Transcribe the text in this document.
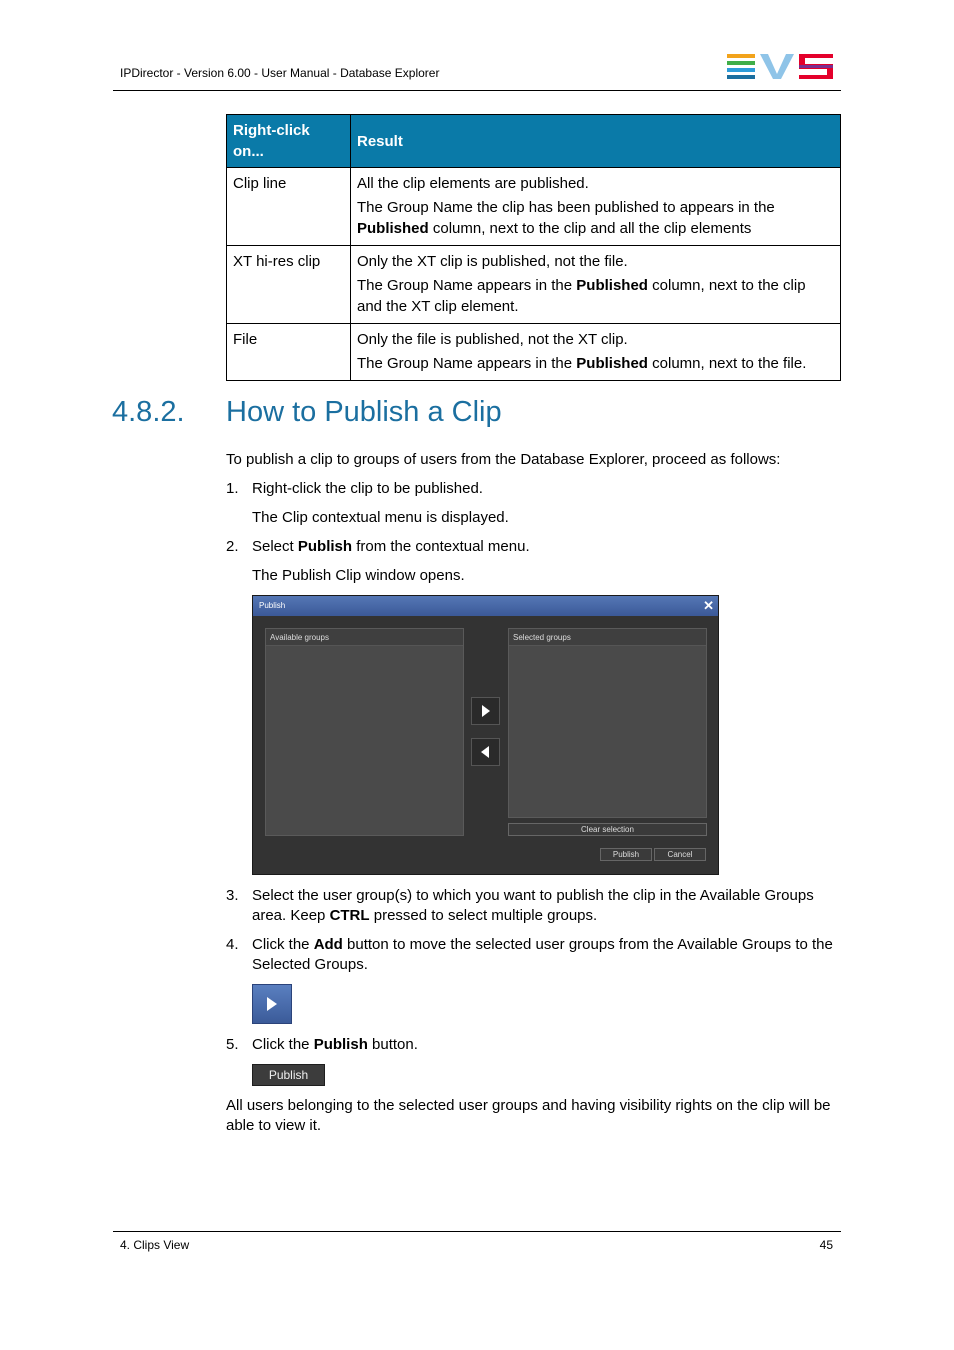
IPDirector - Version 6.00 - User Manual - Database Explorer
Right-click on...	Result
Clip line	All the clip elements are published.

The Group Name the clip has been published to appears in the Published column, next to the clip and all the clip elements

XT hi-res clip	Only the XT clip is published, not the file.

The Group Name appears in the Published column, next to the clip and the XT clip element.

File	Only the file is published, not the XT clip.

The Group Name appears in the Published column, next to the file.

4.8.2. How to Publish a Clip
To publish a clip to groups of users from the Database Explorer, proceed as follows:
1. Right-click the clip to be published.
The Clip contextual menu is displayed.
2. Select Publish from the contextual menu.
The Publish Clip window opens.
Publish	✕
Available groups	Selected groups
Clear selection
Publish	Cancel
3. Select the user group(s) to which you want to publish the clip in the Available Groups area. Keep CTRL pressed to select multiple groups.
4. Click the Add button to move the selected user groups from the Available Groups to the Selected Groups.
5. Click the Publish button.
Publish
All users belonging to the selected user groups and having visibility rights on the clip will be able to view it.
4. Clips View	45
